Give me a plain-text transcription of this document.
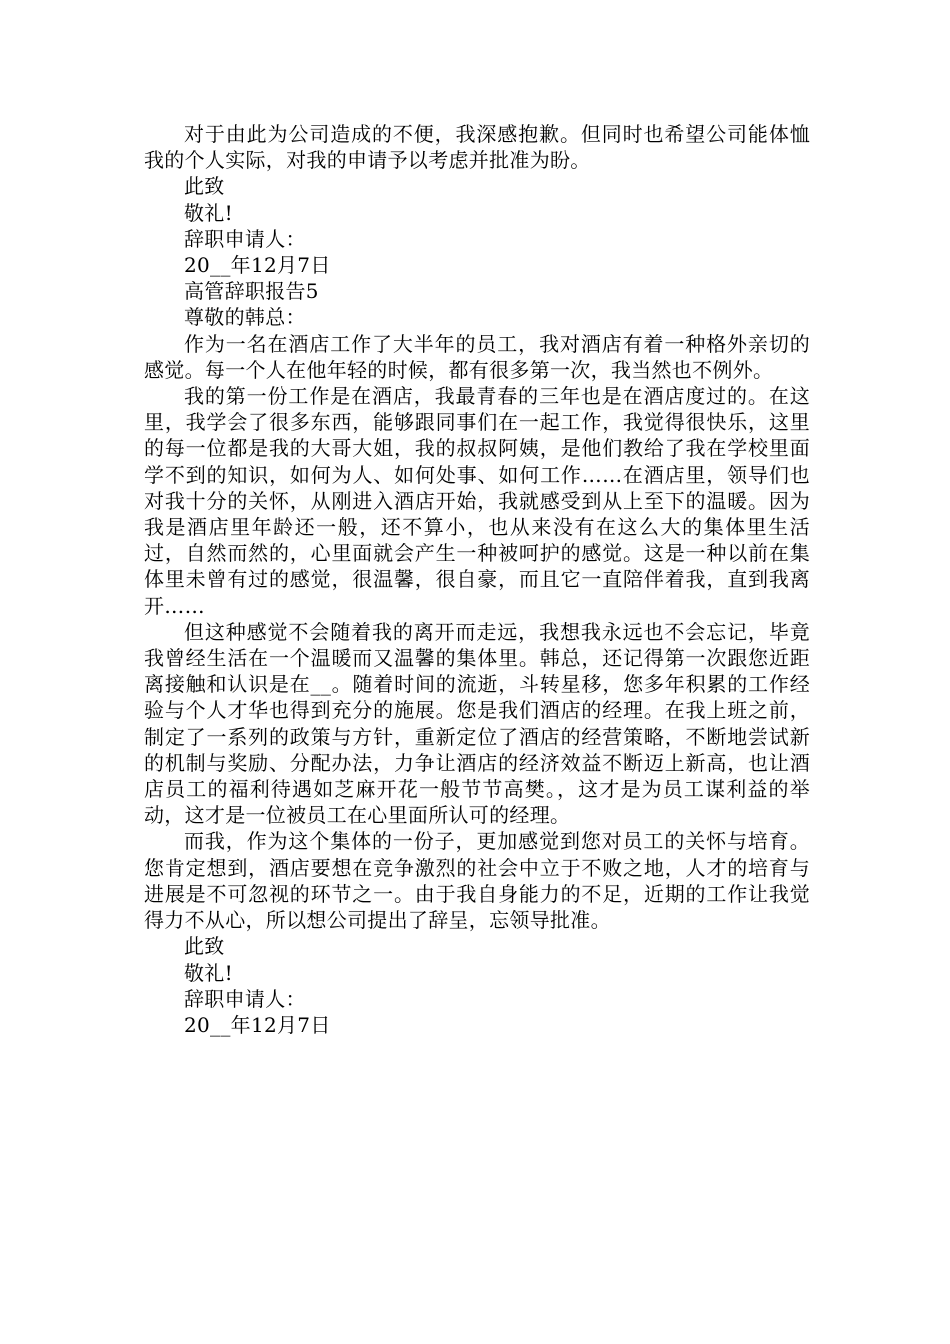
对于由此为公司造成的不便，我深感抱歉。但同时也希望公司能体恤我的个人实际，对我的申请予以考虑并批准为盼。

此致

敬礼!

辞职申请人：

20__年12月7日

高管辞职报告5

尊敬的韩总：

作为一名在酒店工作了大半年的员工，我对酒店有着一种格外亲切的感觉。每一个人在他年轻的时候，都有很多第一次，我当然也不例外。

我的第一份工作是在酒店，我最青春的三年也是在酒店度过的。在这里，我学会了很多东西，能够跟同事们在一起工作，我觉得很快乐，这里的每一位都是我的大哥大姐，我的叔叔阿姨，是他们教给了我在学校里面学不到的知识，如何为人、如何处事、如何工作……在酒店里，领导们也对我十分的关怀，从刚进入酒店开始，我就感受到从上至下的温暖。因为我是酒店里年龄还一般，还不算小，也从来没有在这么大的集体里生活过，自然而然的，心里面就会产生一种被呵护的感觉。这是一种以前在集体里未曾有过的感觉，很温馨，很自豪，而且它一直陪伴着我，直到我离开……

但这种感觉不会随着我的离开而走远，我想我永远也不会忘记，毕竟我曾经生活在一个温暖而又温馨的集体里。韩总，还记得第一次跟您近距离接触和认识是在__。随着时间的流逝，斗转星移，您多年积累的工作经验与个人才华也得到充分的施展。您是我们酒店的经理。在我上班之前，制定了一系列的政策与方针，重新定位了酒店的经营策略，不断地尝试新的机制与奖励、分配办法，力争让酒店的经济效益不断迈上新高，也让酒店员工的福利待遇如芝麻开花一般节节高樊。，这才是为员工谋利益的举动，这才是一位被员工在心里面所认可的经理。

而我，作为这个集体的一份子，更加感觉到您对员工的关怀与培育。您肯定想到，酒店要想在竞争激烈的社会中立于不败之地，人才的培育与进展是不可忽视的环节之一。由于我自身能力的不足，近期的工作让我觉得力不从心，所以想公司提出了辞呈，忘领导批准。

此致

敬礼!

辞职申请人：

20__年12月7日
